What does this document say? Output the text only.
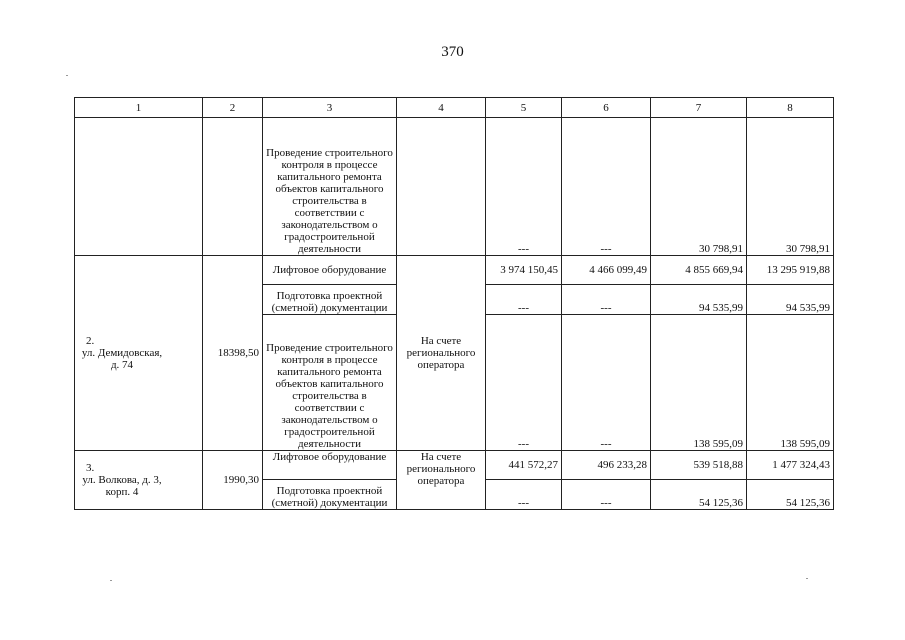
370
1	2	3	4	5	6	7	8
		Проведение строительного контроля в процессе капитального ремонта объектов капитального строительства в соответствии с законодательством о градостроительной деятельности		---	---	30 798,91	30 798,91
2.ул. Демидовская, д. 74	18398,50	Лифтовое оборудование	На счете регионального оператора	3 974 150,45	4 466 099,49	4 855 669,94	13 295 919,88
		Подготовка проектной (сметной) документации		---	---	94 535,99	94 535,99
		Проведение строительного контроля в процессе капитального ремонта объектов капитального строительства в соответствии с законодательством о градостроительной деятельности		---	---	138 595,09	138 595,09
3.ул. Волкова, д. 3, корп. 4	1990,30	Лифтовое оборудование	На счете регионального оператора	441 572,27	496 233,28	539 518,88	1 477 324,43
		Подготовка проектной (сметной) документации		---	---	54 125,36	54 125,36
